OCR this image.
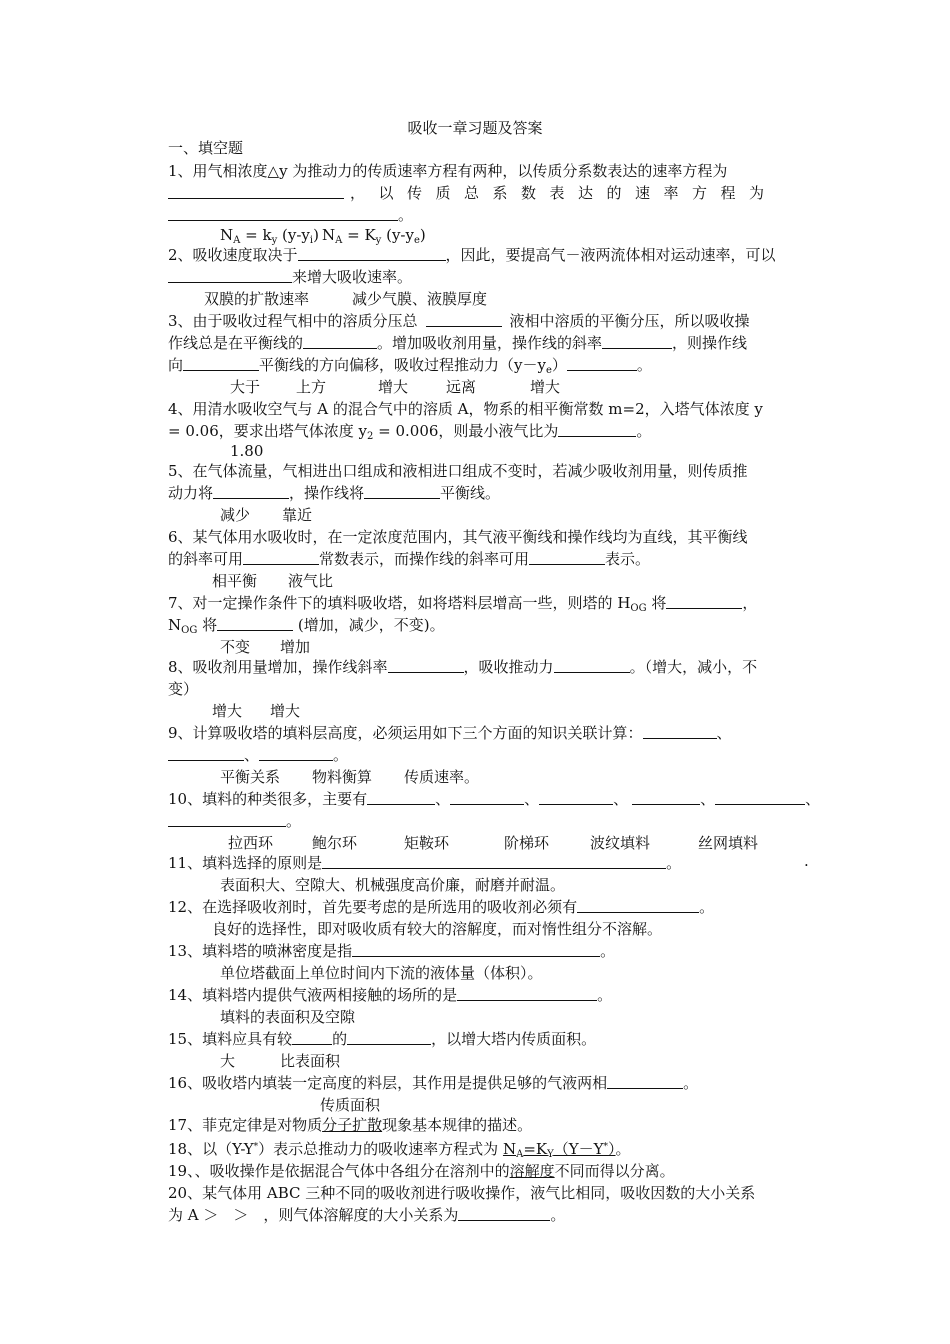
吸收一章习题及答案
一、填空题
1、用气相浓度△y 为推动力的传质速率方程有两种，以传质分系数表达的速率方程为
，以传质总系数表达的速率方程为
。
$N_A = k_y$ $(y-y_i) N_A = K_y$ $(y-y_e)$
2、吸收速度取决于	，因此，要提高气－液两流体相对运动速率，可以
来增大吸收速率。
双膜的扩散速率	减少气膜、液膜厚度
3、由于吸收过程气相中的溶质分压总	液相中溶质的平衡分压，所以吸收操
作线总是在平衡线的	。增加吸收剂用量，操作线的斜率	，则操作线
向	平衡线的方向偏移，吸收过程推动力$(y-y_e)$	。
大于 上方	增大	远离	增大
4、用清水吸收空气与 A 的混合气中的溶质 A，物系的相平衡常数 m=2，入塔气体浓度 y
= 0.06，要求出塔气体浓度 $y_2 = 0.006$，则最小液气比为	。
1.80
5、在气体流量，气相进出口组成和液相进口组成不变时，若减少吸收剂用量，则传质推
动力将	，操作线将	平衡线。
减少 靠近
6、某气体用水吸收时，在一定浓度范围内，其气液平衡线和操作线均为直线，其平衡线
的斜率可用	常数表示，而操作线的斜率可用	表示。
相平衡 液气比
7、对一定操作条件下的填料吸收塔，如将塔料层增高一些，则塔的 $H_{OG}$ 将	，
$N_{OG}$ 将	(增加，减少，不变)。
不变 增加
8、吸收剂用量增加，操作线斜率	，吸收推动力	。（增大，减小，不
变）
增大 增大
9、计算吸收塔的填料层高度，必须运用如下三个方面的知识关联计算：	、
、	。
平衡关系 物料衡算 传质速率。
10、填料的种类很多，主要有	、	、	、	、	、
。
拉西环	鲍尔环	矩鞍环	阶梯环	波纹填料	丝网填料
11、填料选择的原则是	。	.
表面积大、空隙大、机械强度高价廉，耐磨并耐温。
12、在选择吸收剂时，首先要考虑的是所选用的吸收剂必须有	。
良好的选择性，即对吸收质有较大的溶解度，而对惰性组分不溶解。
13、填料塔的喷淋密度是指	。
单位塔截面上单位时间内下流的液体量（体积）。
14、填料塔内提供气液两相接触的场所的是	。
填料的表面积及空隙
15、填料应具有较	的	，以增大塔内传质面积。
大	比表面积
16、吸收塔内填装一定高度的料层，其作用是提供足够的气液两相	。
传质面积
17、菲克定律是对物质分子扩散现象基本规律的描述。
18、以（Y-Y*）表示总推动力的吸收速率方程式为 $N_A=K_Y(Y-Y^*)$。
19、、吸收操作是依据混合气体中各组分在溶剂中的溶解度不同而得以分离。
20、某气体用 ABC 三种不同的吸收剂进行吸收操作，液气比相同，吸收因数的大小关系
为 A ＞　＞　，则气体溶解度的大小关系为	。
